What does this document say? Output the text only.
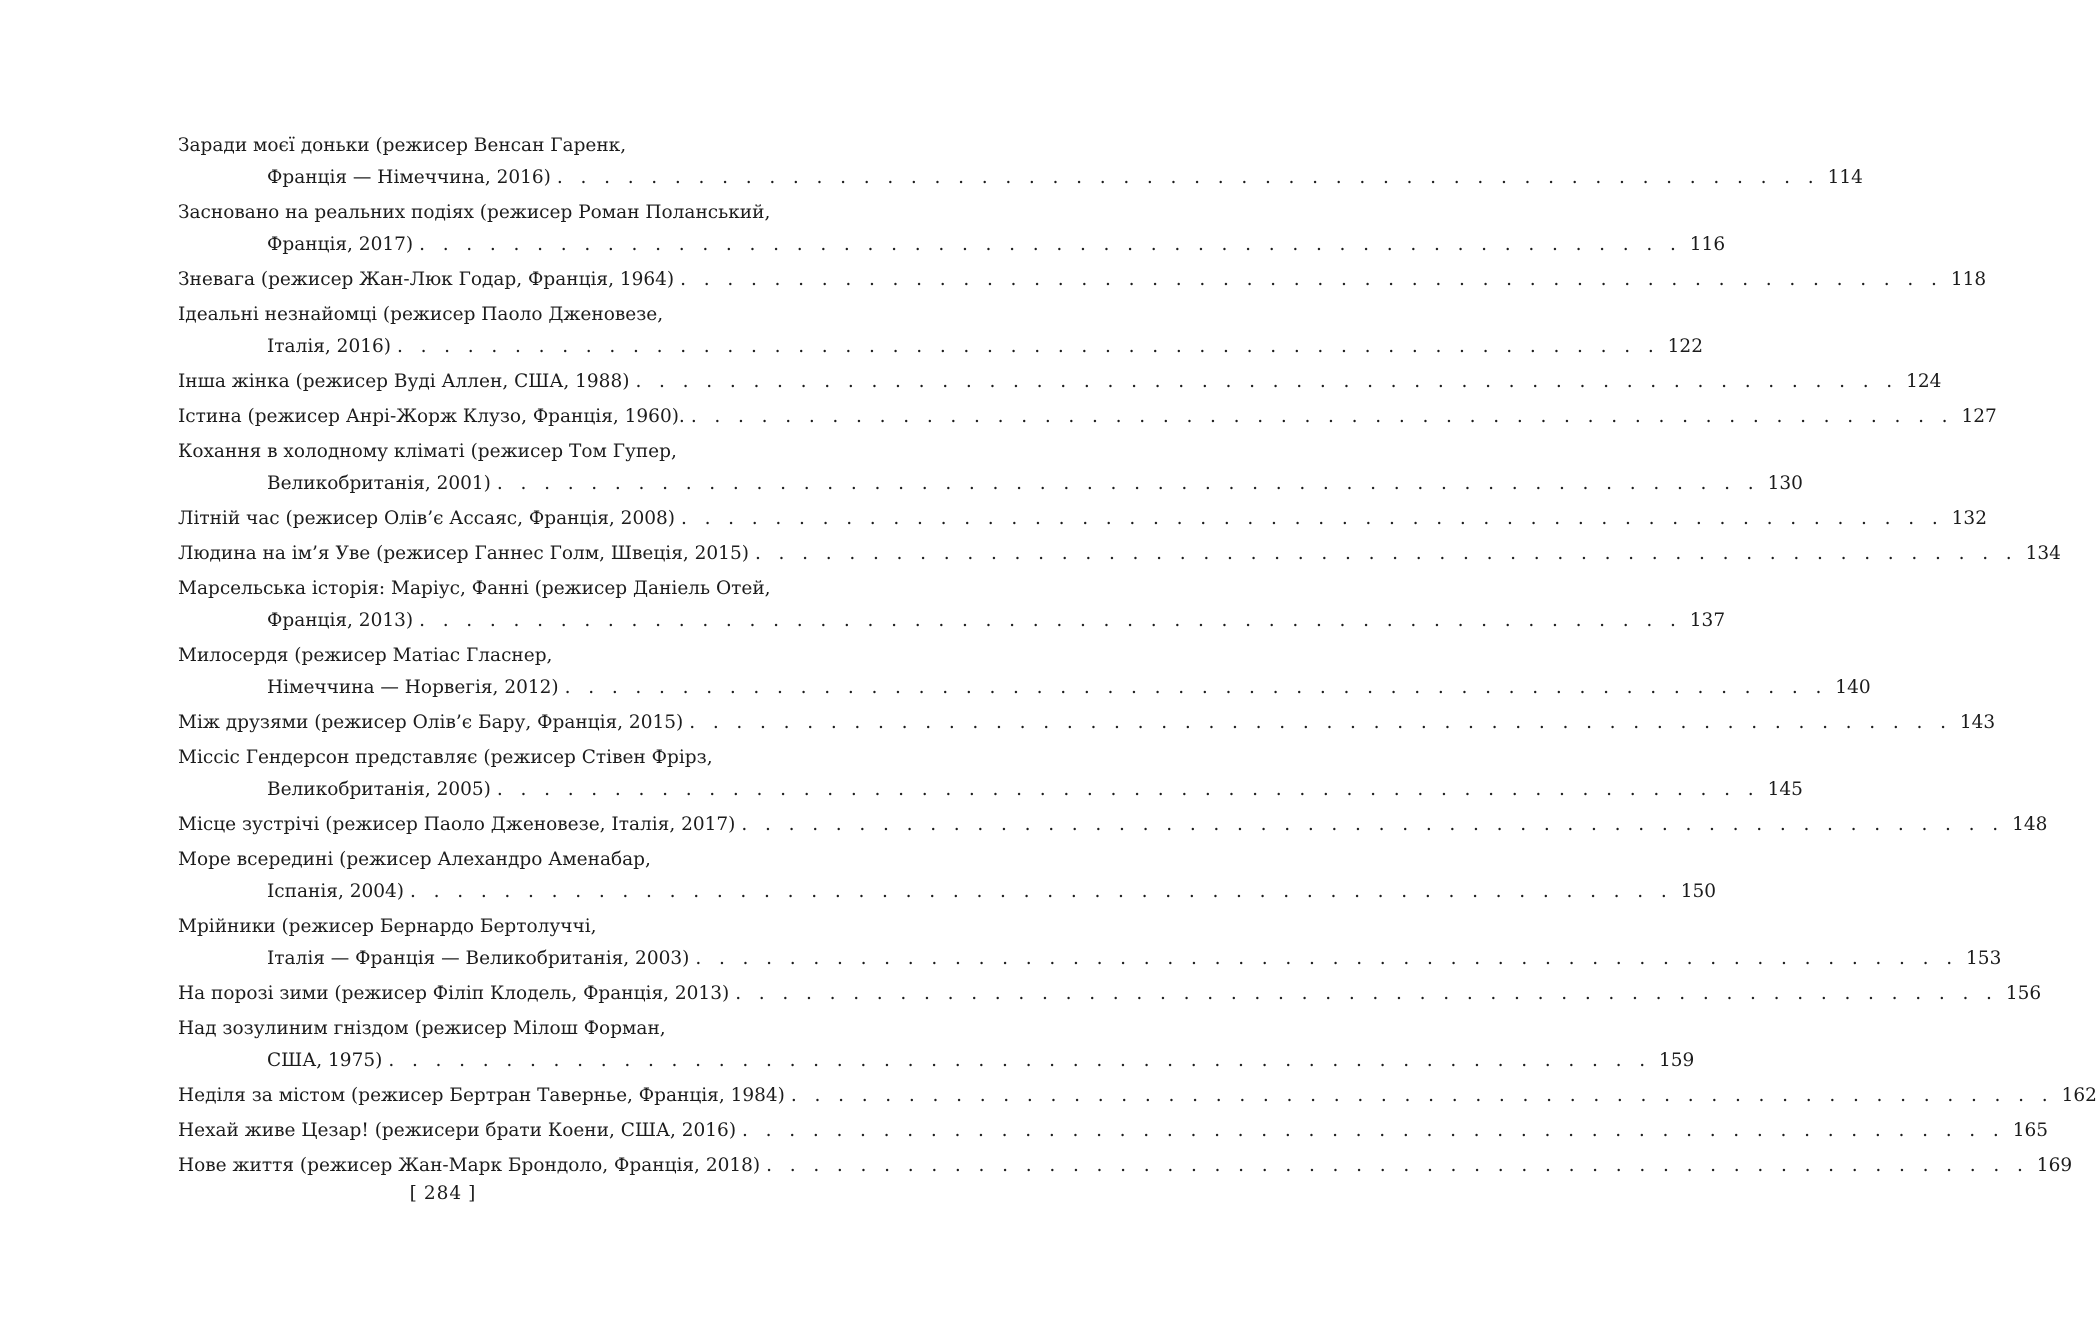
Заради моєї доньки (режисер Венсан Гаренк,
Франція — Німеччина, 2016) . . . . . . . . . . . . . . . . . . . . . . . . . . . . . . . . . . . . . . . . . . . . . . . . . . . . . . 114
Засновано на реальних подіях (режисер Роман Поланський,
Франція, 2017) . . . . . . . . . . . . . . . . . . . . . . . . . . . . . . . . . . . . . . . . . . . . . . . . . . . . . . 116
Зневага (режисер Жан-Люк Годар, Франція, 1964) . . . . . . . . . . . . . . . . . . . . . . . . . . . . . . . . . . . . . . . . . . . . . . . . . . . . . . 118
Ідеальні незнайомці (режисер Паоло Дженовезе,
Італія, 2016) . . . . . . . . . . . . . . . . . . . . . . . . . . . . . . . . . . . . . . . . . . . . . . . . . . . . . . 122
Інша жінка (режисер Вуді Аллен, США, 1988) . . . . . . . . . . . . . . . . . . . . . . . . . . . . . . . . . . . . . . . . . . . . . . . . . . . . . . 124
Істина (режисер Анрі-Жорж Клузо, Франція, 1960). . . . . . . . . . . . . . . . . . . . . . . . . . . . . . . . . . . . . . . . . . . . . . . . . . . . . . . 127
Кохання в холодному кліматі (режисер Том Гупер,
Великобританія, 2001) . . . . . . . . . . . . . . . . . . . . . . . . . . . . . . . . . . . . . . . . . . . . . . . . . . . . . . 130
Літній час (режисер Олів’є Ассаяс, Франція, 2008) . . . . . . . . . . . . . . . . . . . . . . . . . . . . . . . . . . . . . . . . . . . . . . . . . . . . . . 132
Людина на ім’я Уве (режисер Ганнес Голм, Швеція, 2015) . . . . . . . . . . . . . . . . . . . . . . . . . . . . . . . . . . . . . . . . . . . . . . . . . . . . . . 134
Марсельська історія: Маріус, Фанні (режисер Даніель Отей,
Франція, 2013) . . . . . . . . . . . . . . . . . . . . . . . . . . . . . . . . . . . . . . . . . . . . . . . . . . . . . . 137
Милосердя (режисер Матіас Гласнер,
Німеччина — Норвегія, 2012) . . . . . . . . . . . . . . . . . . . . . . . . . . . . . . . . . . . . . . . . . . . . . . . . . . . . . . 140
Між друзями (режисер Олів’є Бару, Франція, 2015) . . . . . . . . . . . . . . . . . . . . . . . . . . . . . . . . . . . . . . . . . . . . . . . . . . . . . . 143
Міссіс Гендерсон представляє (режисер Стівен Фрірз,
Великобританія, 2005) . . . . . . . . . . . . . . . . . . . . . . . . . . . . . . . . . . . . . . . . . . . . . . . . . . . . . . 145
Місце зустрічі (режисер Паоло Дженовезе, Італія, 2017) . . . . . . . . . . . . . . . . . . . . . . . . . . . . . . . . . . . . . . . . . . . . . . . . . . . . . . 148
Море всередині (режисер Алехандро Аменабар,
Іспанія, 2004) . . . . . . . . . . . . . . . . . . . . . . . . . . . . . . . . . . . . . . . . . . . . . . . . . . . . . . 150
Мрійники (режисер Бернардо Бертолуччі,
Італія — Франція — Великобританія, 2003) . . . . . . . . . . . . . . . . . . . . . . . . . . . . . . . . . . . . . . . . . . . . . . . . . . . . . . 153
На порозі зими (режисер Філіп Клодель, Франція, 2013) . . . . . . . . . . . . . . . . . . . . . . . . . . . . . . . . . . . . . . . . . . . . . . . . . . . . . . 156
Над зозулиним гніздом (режисер Мілош Форман,
США, 1975) . . . . . . . . . . . . . . . . . . . . . . . . . . . . . . . . . . . . . . . . . . . . . . . . . . . . . . 159
Неділя за містом (режисер Бертран Тавернье, Франція, 1984) . . . . . . . . . . . . . . . . . . . . . . . . . . . . . . . . . . . . . . . . . . . . . . . . . . . . . . 162
Нехай живе Цезар! (режисери брати Коени, США, 2016) . . . . . . . . . . . . . . . . . . . . . . . . . . . . . . . . . . . . . . . . . . . . . . . . . . . . . . 165
Нове життя (режисер Жан-Марк Брондоло, Франція, 2018) . . . . . . . . . . . . . . . . . . . . . . . . . . . . . . . . . . . . . . . . . . . . . . . . . . . . . . 169
[ 284 ]
